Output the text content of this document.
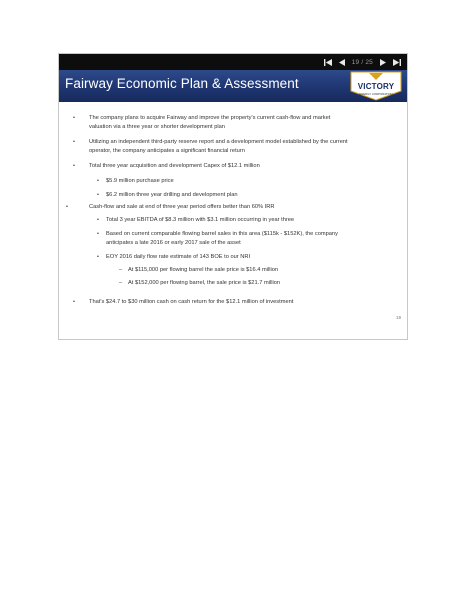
19 / 25
Fairway Economic Plan & Assessment	VICTORY
ENERGY CORPORATION
• The company plans to acquire Fairway and improve the property's current cash-flow and market
valuation via a three year or shorter development plan
• Utilizing an independent third-party reserve report and a development model established by the current
operator, the company anticipates a significant financial return
• Total three year acquisition and development Capex of $12.1 million
• $5.9 million purchase price
• $6.2 million three year drilling and development plan
•	Cash-flow and sale at end of three year period offers better than 60% IRR
• Total 3 year EBITDA of $8.3 million with $3.1 million occurring in year three
• Based on current comparable flowing barrel sales in this area ($115k - $152K), the company
anticipates a late 2016 or early 2017 sale of the asset
• EOY 2016 daily flow rate estimate of 143 BOE to our NRI
– At $115,000 per flowing barrel the sale price is $16.4 million
– At $152,000 per flowing barrel, the sale price is $21.7 million
• That's $24.7 to $30 million cash on cash return for the $12.1 million of investment
19
